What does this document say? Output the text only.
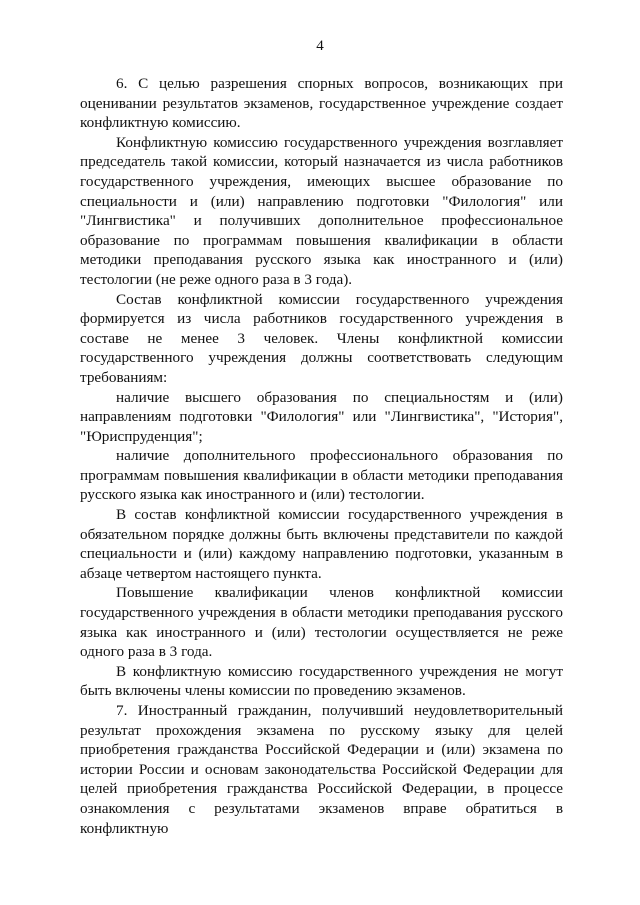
4

6. С целью разрешения спорных вопросов, возникающих при оценивании результатов экзаменов, государственное учреждение создает конфликтную комиссию.

Конфликтную комиссию государственного учреждения возглавляет председатель такой комиссии, который назначается из числа работников государственного учреждения, имеющих высшее образование по специальности и (или) направлению подготовки "Филология" или "Лингвистика" и получивших дополнительное профессиональное образование по программам повышения квалификации в области методики преподавания русского языка как иностранного и (или) тестологии (не реже одного раза в 3 года).

Состав конфликтной комиссии государственного учреждения формируется из числа работников государственного учреждения в составе не менее 3 человек. Члены конфликтной комиссии государственного учреждения должны соответствовать следующим требованиям:

наличие высшего образования по специальностям и (или) направлениям подготовки "Филология" или "Лингвистика", "История", "Юриспруденция";

наличие дополнительного профессионального образования по программам повышения квалификации в области методики преподавания русского языка как иностранного и (или) тестологии.

В состав конфликтной комиссии государственного учреждения в обязательном порядке должны быть включены представители по каждой специальности и (или) каждому направлению подготовки, указанным в абзаце четвертом настоящего пункта.

Повышение квалификации членов конфликтной комиссии государственного учреждения в области методики преподавания русского языка как иностранного и (или) тестологии осуществляется не реже одного раза в 3 года.

В конфликтную комиссию государственного учреждения не могут быть включены члены комиссии по проведению экзаменов.

7. Иностранный гражданин, получивший неудовлетворительный результат прохождения экзамена по русскому языку для целей приобретения гражданства Российской Федерации и (или) экзамена по истории России и основам законодательства Российской Федерации для целей приобретения гражданства Российской Федерации, в процессе ознакомления с результатами экзаменов вправе обратиться в конфликтную
